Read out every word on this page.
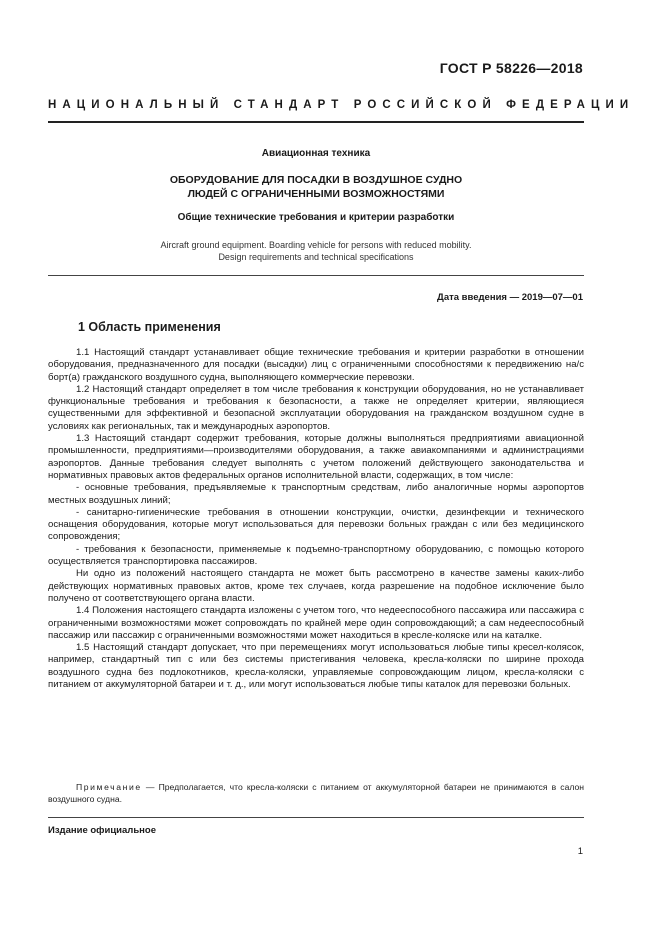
ГОСТ Р 58226—2018
НАЦИОНАЛЬНЫЙ СТАНДАРТ РОССИЙСКОЙ ФЕДЕРАЦИИ
Авиационная техника
ОБОРУДОВАНИЕ ДЛЯ ПОСАДКИ В ВОЗДУШНОЕ СУДНО
ЛЮДЕЙ С ОГРАНИЧЕННЫМИ ВОЗМОЖНОСТЯМИ
Общие технические требования и критерии разработки
Aircraft ground equipment. Boarding vehicle for persons with reduced mobility.
Design requirements and technical specifications
Дата введения — 2019—07—01
1 Область применения

1.1 Настоящий стандарт устанавливает общие технические требования и критерии разработки в отношении оборудования, предназначенного для посадки (высадки) лиц с ограниченными способностями к передвижению на/с борт(а) гражданского воздушного судна, выполняющего коммерческие перевозки.

1.2 Настоящий стандарт определяет в том числе требования к конструкции оборудования, но не устанавливает функциональные требования и требования к безопасности, а также не определяет критерии, являющиеся существенными для эффективной и безопасной эксплуатации оборудования на гражданском воздушном судне в условиях как региональных, так и международных аэропортов.

1.3 Настоящий стандарт содержит требования, которые должны выполняться предприятиями авиационной промышленности, предприятиями—производителями оборудования, а также авиакомпаниями и администрациями аэропортов. Данные требования следует выполнять с учетом положений действующего законодательства и нормативных правовых актов федеральных органов исполнительной власти, содержащих, в том числе:

- основные требования, предъявляемые к транспортным средствам, либо аналогичные нормы аэропортов местных воздушных линий;

- санитарно-гигиенические требования в отношении конструкции, очистки, дезинфекции и технического оснащения оборудования, которые могут использоваться для перевозки больных граждан с или без медицинского сопровождения;

- требования к безопасности, применяемые к подъемно-транспортному оборудованию, с помощью которого осуществляется транспортировка пассажиров.

Ни одно из положений настоящего стандарта не может быть рассмотрено в качестве замены каких-либо действующих нормативных правовых актов, кроме тех случаев, когда разрешение на подобное исключение было получено от соответствующего органа власти.

1.4 Положения настоящего стандарта изложены с учетом того, что недееспособного пассажира или пассажира с ограниченными возможностями может сопровождать по крайней мере один сопровождающий; а сам недееспособный пассажир или пассажир с ограниченными возможностями может находиться в кресле-коляске или на каталке.

1.5 Настоящий стандарт допускает, что при перемещениях могут использоваться любые типы кресел-колясок, например, стандартный тип с или без системы пристегивания человека, кресла-коляски по ширине прохода воздушного судна без подлокотников, кресла-коляски, управляемые сопровождающим лицом, кресла-коляски с питанием от аккумуляторной батареи и т. д., или могут использоваться любые типы каталок для перевозки больных.

Примечание — Предполагается, что кресла-коляски с питанием от аккумуляторной батареи не принимаются в салон воздушного судна.

Издание официальное
1
